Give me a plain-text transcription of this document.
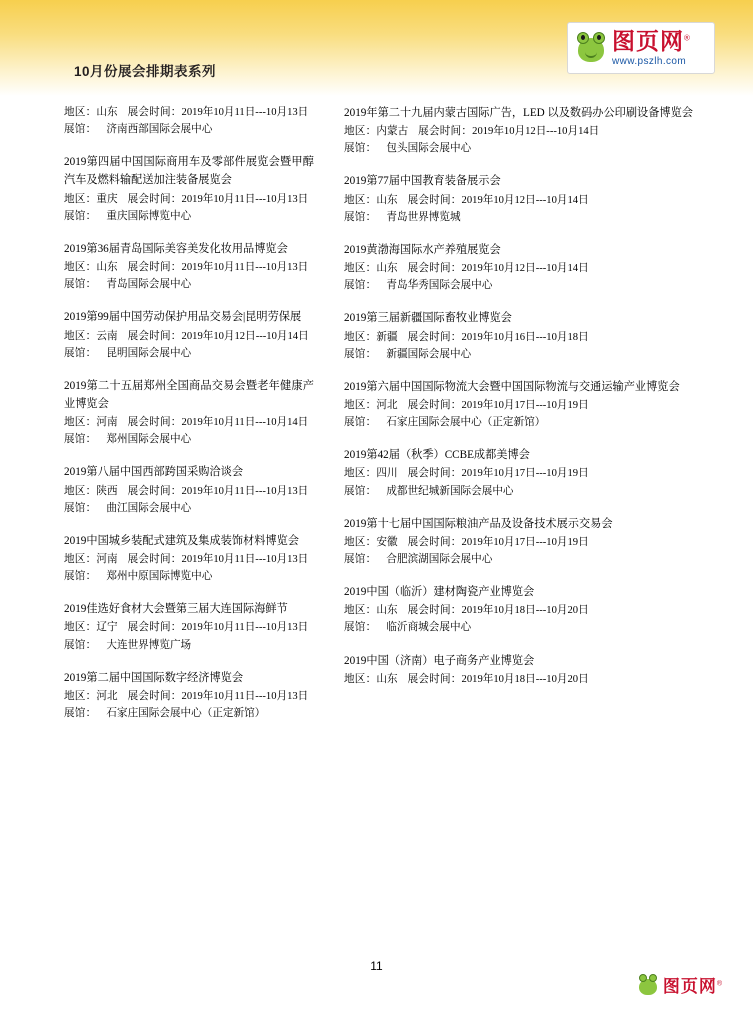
10月份展会排期表系列
图页网®
www.pszlh.com
地区：山东 展会时间：2019年10月11日---10月13日
展馆： 济南西部国际会展中心
2019第四届中国国际商用车及零部件展览会暨甲醇汽车及燃料输配送加注装备展览会
地区：重庆 展会时间：2019年10月11日---10月13日
展馆： 重庆国际博览中心
2019第36届青岛国际美容美发化妆用品博览会
地区：山东 展会时间：2019年10月11日---10月13日
展馆： 青岛国际会展中心
2019第99届中国劳动保护用品交易会|昆明劳保展
地区：云南 展会时间：2019年10月12日---10月14日
展馆： 昆明国际会展中心
2019第二十五届郑州全国商品交易会暨老年健康产业博览会
地区：河南 展会时间：2019年10月11日---10月14日
展馆： 郑州国际会展中心
2019第八届中国西部跨国采购洽谈会
地区：陕西 展会时间：2019年10月11日---10月13日
展馆： 曲江国际会展中心
2019中国城乡装配式建筑及集成装饰材料博览会
地区：河南 展会时间：2019年10月11日---10月13日
展馆： 郑州中原国际博览中心
2019佳选好食材大会暨第三届大连国际海鲜节
地区：辽宁 展会时间：2019年10月11日---10月13日
展馆： 大连世界博览广场
2019第二届中国国际数字经济博览会
地区：河北 展会时间：2019年10月11日---10月13日
展馆： 石家庄国际会展中心（正定新馆）
2019年第二十九届内蒙古国际广告，LED 以及数码办公印刷设备博览会
地区：内蒙古 展会时间：2019年10月12日---10月14日
展馆： 包头国际会展中心
2019第77届中国教育装备展示会
地区：山东 展会时间：2019年10月12日---10月14日
展馆： 青岛世界博览城
2019黄渤海国际水产养殖展览会
地区：山东 展会时间：2019年10月12日---10月14日
展馆： 青岛华秀国际会展中心
2019第三届新疆国际畜牧业博览会
地区：新疆 展会时间：2019年10月16日---10月18日
展馆： 新疆国际会展中心
2019第六届中国国际物流大会暨中国国际物流与交通运输产业博览会
地区：河北 展会时间：2019年10月17日---10月19日
展馆： 石家庄国际会展中心（正定新馆）
2019第42届（秋季）CCBE成都美博会
地区：四川 展会时间：2019年10月17日---10月19日
展馆： 成都世纪城新国际会展中心
2019第十七届中国国际粮油产品及设备技术展示交易会
地区：安徽 展会时间：2019年10月17日---10月19日
展馆： 合肥滨湖国际会展中心
2019中国（临沂）建材陶瓷产业博览会
地区：山东 展会时间：2019年10月18日---10月20日
展馆： 临沂商城会展中心
2019中国（济南）电子商务产业博览会
地区：山东 展会时间：2019年10月18日---10月20日
11
图页网®
